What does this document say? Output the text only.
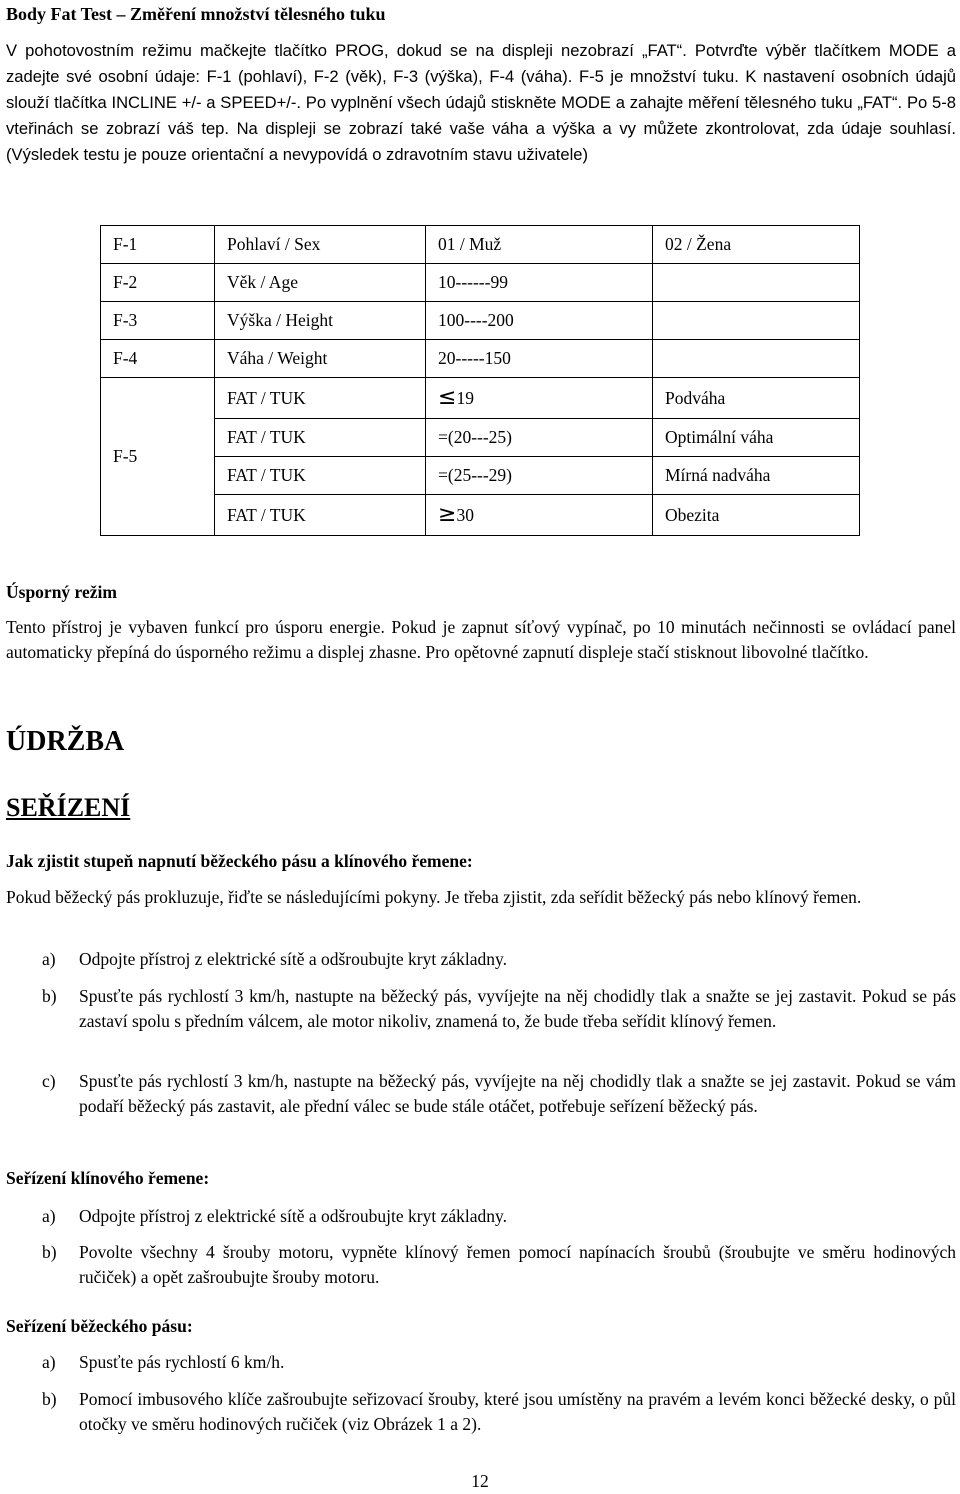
Body Fat Test – Změření množství tělesného tuku

V pohotovostním režimu mačkejte tlačítko PROG, dokud se na displeji nezobrazí „FAT“. Potvrďte výběr tlačítkem MODE a zadejte své osobní údaje: F-1 (pohlaví), F-2 (věk), F-3 (výška), F-4 (váha). F-5 je množství tuku. K nastavení osobních údajů slouží tlačítka INCLINE +/- a SPEED+/-. Po vyplnění všech údajů stiskněte MODE a zahajte měření tělesného tuku „FAT“. Po 5-8 vteřinách se zobrazí váš tep. Na displeji se zobrazí také vaše váha a výška a vy můžete zkontrolovat, zda údaje souhlasí. (Výsledek testu je pouze orientační a nevypovídá o zdravotním stavu uživatele)

F-1	Pohlaví / Sex	01 / Muž	02 / Žena
F-2	Věk / Age	10------99	
F-3	Výška / Height	100----200	
F-4	Váha / Weight	20-----150	
F-5	FAT / TUK	≤19	Podváha
	FAT / TUK	=(20---25)	Optimální váha
	FAT / TUK	=(25---29)	Mírná nadváha
	FAT / TUK	≥30	Obezita

Úsporný režim

Tento přístroj je vybaven funkcí pro úsporu energie. Pokud je zapnut síťový vypínač, po 10 minutách nečinnosti se ovládací panel automaticky přepíná do úsporného režimu a displej zhasne. Pro opětovné zapnutí displeje stačí stisknout libovolné tlačítko.

ÚDRŽBA

SEŘÍZENÍ

Jak zjistit stupeň napnutí běžeckého pásu a klínového řemene:

Pokud běžecký pás prokluzuje, řiďte se následujícími pokyny. Je třeba zjistit, zda seřídit běžecký pás nebo klínový řemen.

a) Odpojte přístroj z elektrické sítě a odšroubujte kryt základny.
b) Spusťte pás rychlostí 3 km/h, nastupte na běžecký pás, vyvíjejte na něj chodidly tlak a snažte se jej zastavit. Pokud se pás zastaví spolu s předním válcem, ale motor nikoliv, znamená to, že bude třeba seřídit klínový řemen.
c) Spusťte pás rychlostí 3 km/h, nastupte na běžecký pás, vyvíjejte na něj chodidly tlak a snažte se jej zastavit. Pokud se vám podaří běžecký pás zastavit, ale přední válec se bude stále otáčet, potřebuje seřízení běžecký pás.

Seřízení klínového řemene:

a) Odpojte přístroj z elektrické sítě a odšroubujte kryt základny.
b) Povolte všechny 4 šrouby motoru, vypněte klínový řemen pomocí napínacích šroubů (šroubujte ve směru hodinových ručiček) a opět zašroubujte šrouby motoru.

Seřízení běžeckého pásu:

a) Spusťte pás rychlostí 6 km/h.
b) Pomocí imbusového klíče zašroubujte seřizovací šrouby, které jsou umístěny na pravém a levém konci běžecké desky, o půl otočky ve směru hodinových ručiček (viz Obrázek 1 a 2).
12
